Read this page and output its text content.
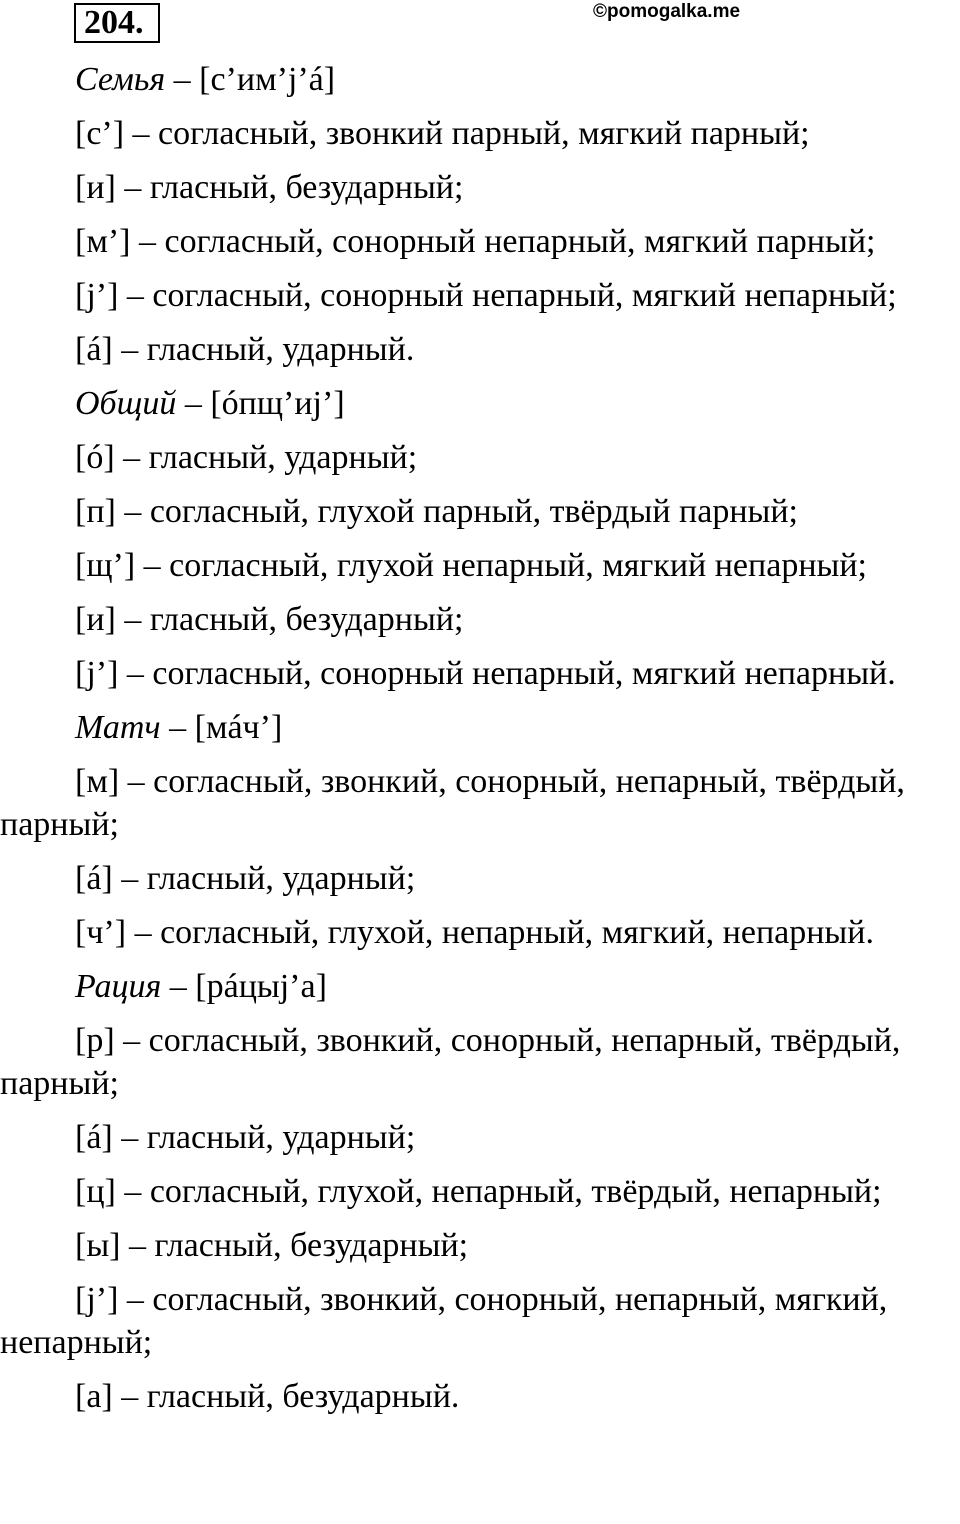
204.	©pomogalka.me

Семья – [с’им’j’á]

[с’] – согласный, звонкий парный, мягкий парный;

[и] – гласный, безударный;

[м’] – согласный, сонорный непарный, мягкий парный;

[j’] – согласный, сонорный непарный, мягкий непарный;

[á] – гласный, ударный.

Общий – [óпщ’иj’]

[ó] – гласный, ударный;

[п] – согласный, глухой парный, твёрдый парный;

[щ’] – согласный, глухой непарный, мягкий непарный;

[и] – гласный, безударный;

[j’] – согласный, сонорный непарный, мягкий непарный.

Матч – [мáч’]

[м] – согласный, звонкий, сонорный, непарный, твёрдый, парный;

[á] – гласный, ударный;

[ч’] – согласный, глухой, непарный, мягкий, непарный.

Рация – [рáцыj’а]

[р] – согласный, звонкий, сонорный, непарный, твёрдый, парный;

[á] – гласный, ударный;

[ц] – согласный, глухой, непарный, твёрдый, непарный;

[ы] – гласный, безударный;

[j’] – согласный, звонкий, сонорный, непарный, мягкий, непарный;

[а] – гласный, безударный.
